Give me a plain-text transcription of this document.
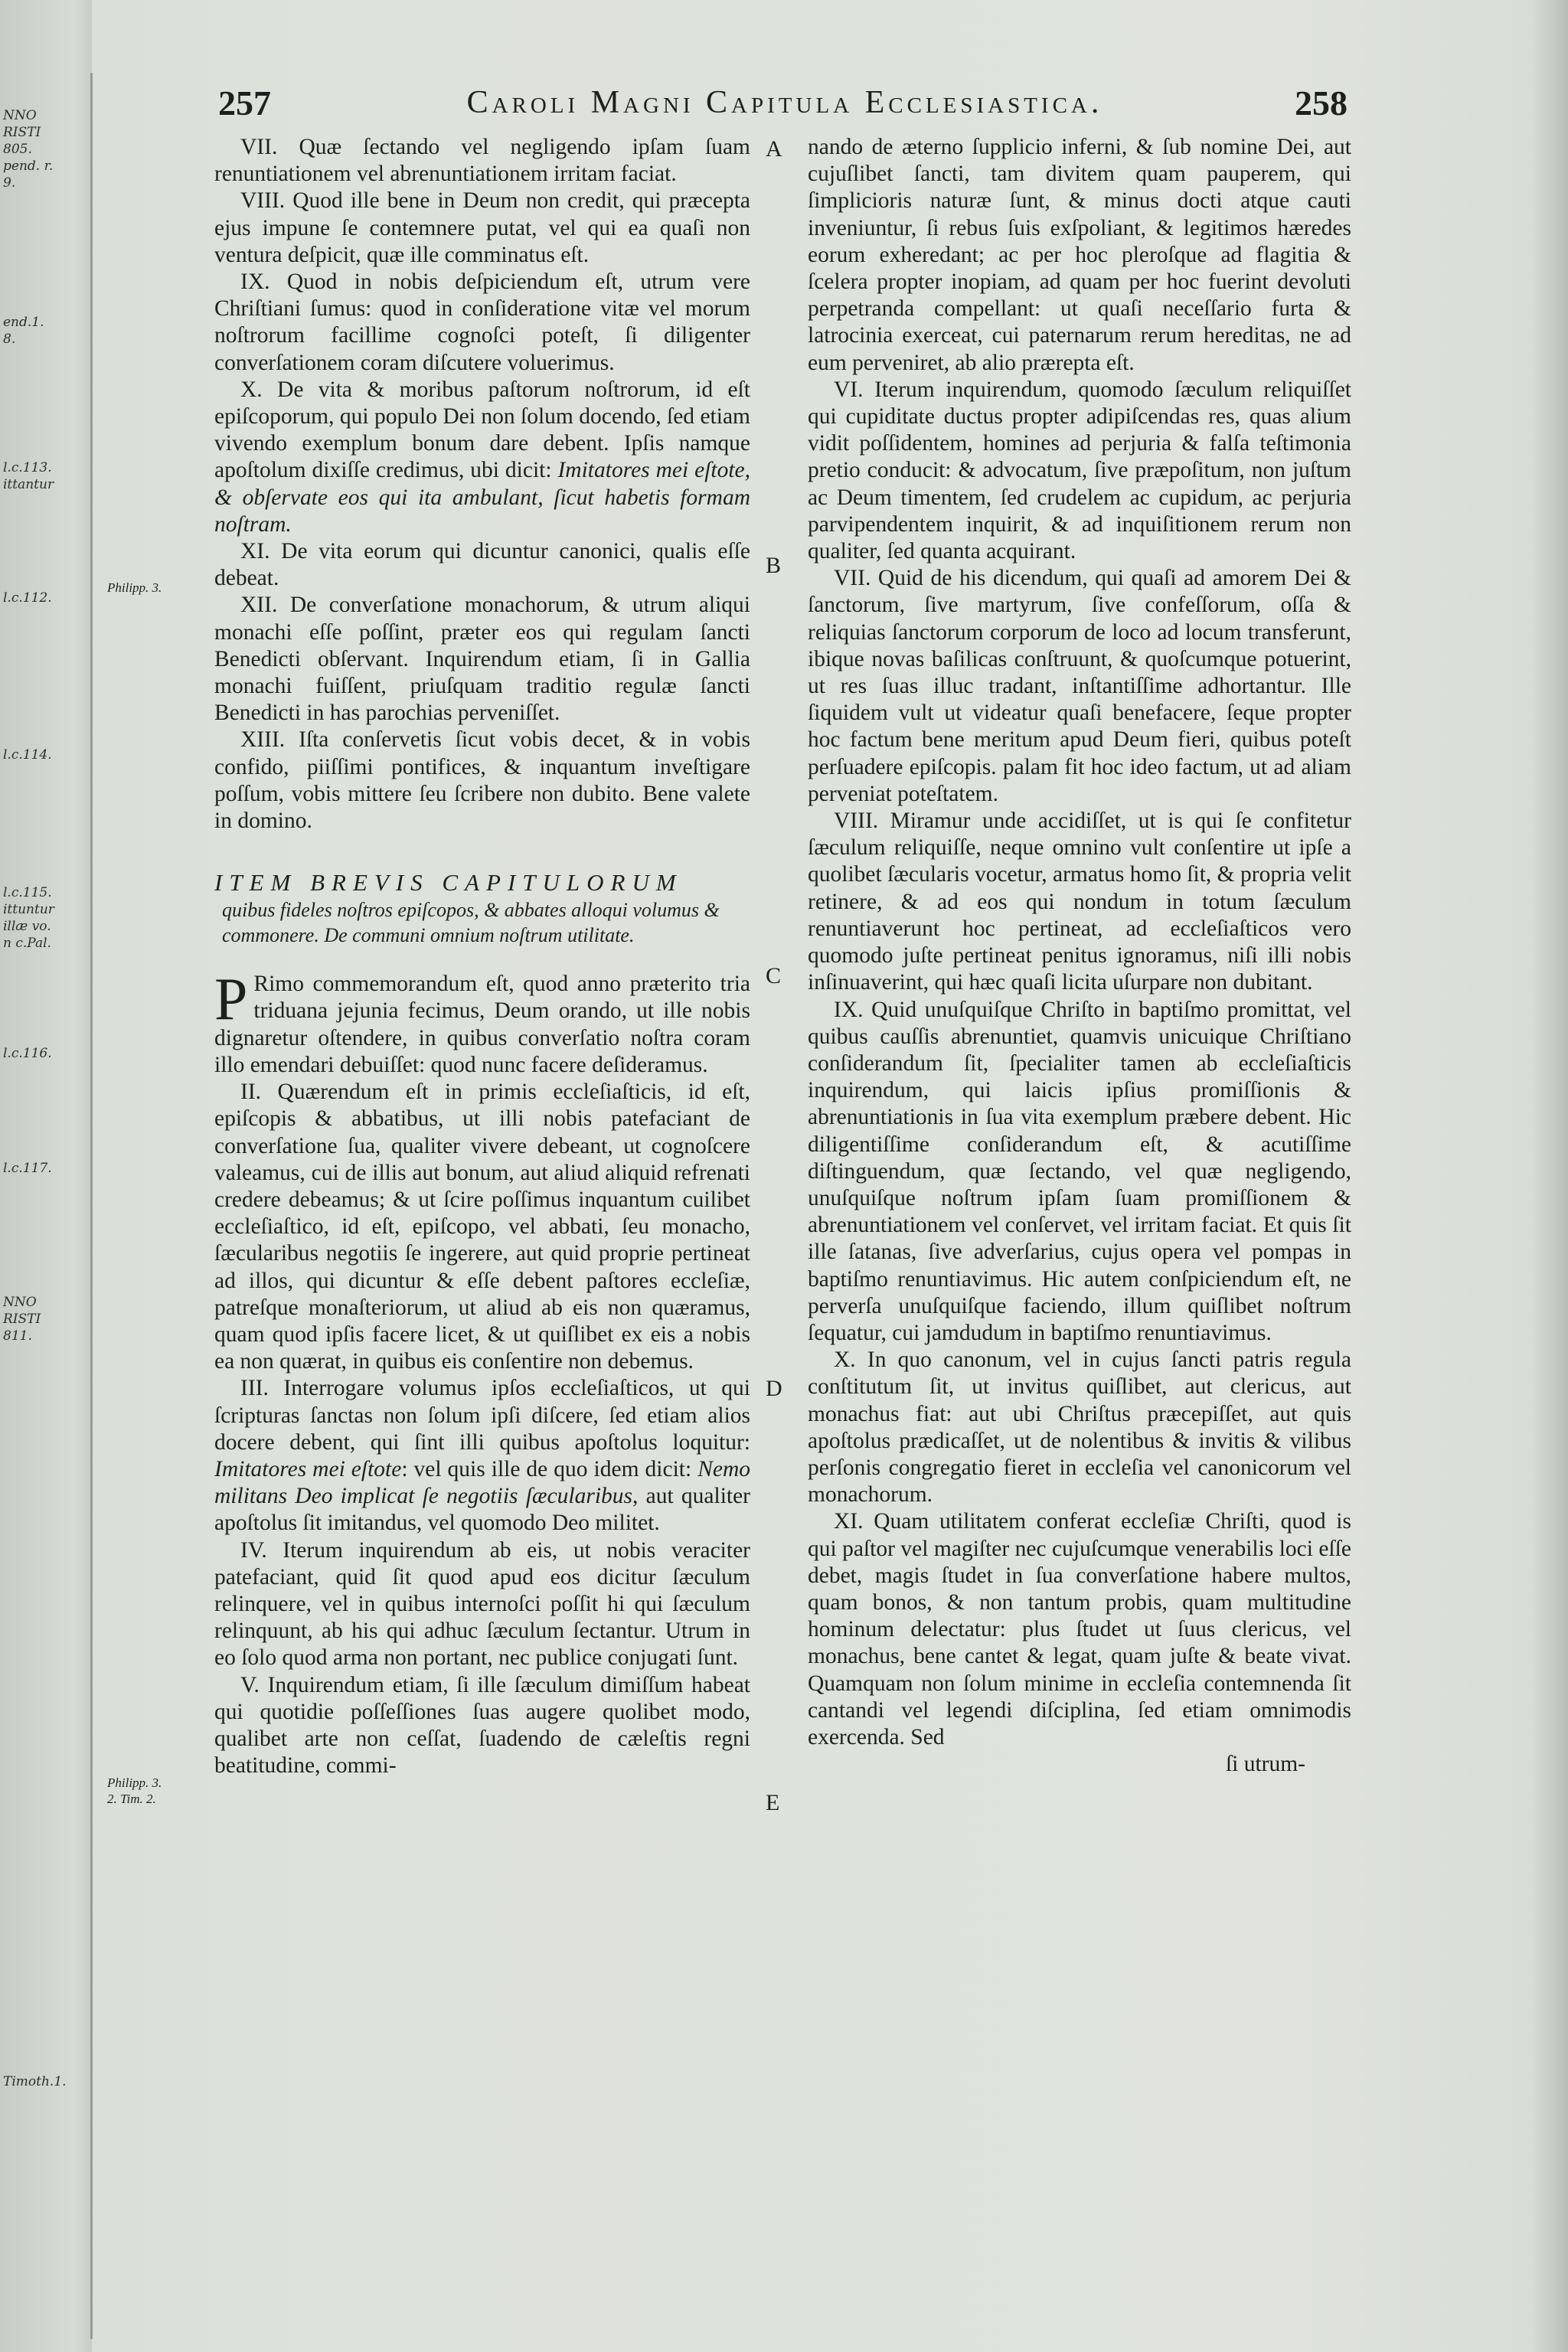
NNO
RISTI
805.
pend. r.
9.
end.1.
8.
l.c.113.
ittantur
l.c.112.
l.c.114.
l.c.115.
ittuntur
illæ vo.
n c.Pal.
l.c.116.
l.c.117.
NNO
RISTI
811.
Timoth.1.
257	Caroli Magni Capitula Ecclesiastica.	258
A
B
C
D
E
Philipp. 3.
Philipp. 3.
2. Tim. 2.

VII. Quæ ſectando vel negligendo ipſam ſuam renuntiationem vel abrenuntiationem irritam faciat.

VIII. Quod ille bene in Deum non credit, qui præcepta ejus impune ſe contemnere putat, vel qui ea quaſi non ventura deſpicit, quæ ille comminatus eſt.

IX. Quod in nobis deſpiciendum eſt, utrum vere Chriſtiani ſumus: quod in conſideratione vitæ vel morum noſtrorum facillime cognoſci poteſt, ſi diligenter converſationem coram diſcutere voluerimus.

X. De vita & moribus paſtorum noſtrorum, id eſt epiſcoporum, qui populo Dei non ſolum docendo, ſed etiam vivendo exemplum bonum dare debent. Ipſis namque apoſtolum dixiſſe credimus, ubi dicit: Imitatores mei eſtote, & obſervate eos qui ita ambulant, ſicut habetis formam noſtram.

XI. De vita eorum qui dicuntur canonici, qualis eſſe debeat.

XII. De converſatione monachorum, & utrum aliqui monachi eſſe poſſint, præter eos qui regulam ſancti Benedicti obſervant. Inquirendum etiam, ſi in Gallia monachi fuiſſent, priuſquam traditio regulæ ſancti Benedicti in has parochias perveniſſet.

XIII. Iſta conſervetis ſicut vobis decet, & in vobis confido, piiſſimi pontifices, & inquantum inveſtigare poſſum, vobis mittere ſeu ſcribere non dubito. Bene valete in domino.

ITEM BREVIS CAPITULORUM
quibus fideles noſtros epiſcopos, & abbates alloqui volumus & commonere. De communi omnium noſtrum utilitate.

P Rimo commemorandum eſt, quod anno præterito tria triduana jejunia fecimus, Deum orando, ut ille nobis dignaretur oſtendere, in quibus converſatio noſtra coram illo emendari debuiſſet: quod nunc facere deſideramus.

II. Quærendum eſt in primis eccleſiaſticis, id eſt, epiſcopis & abbatibus, ut illi nobis patefaciant de converſatione ſua, qualiter vivere debeant, ut cognoſcere valeamus, cui de illis aut bonum, aut aliud aliquid refrenati credere debeamus; & ut ſcire poſſimus inquantum cuilibet eccleſiaſtico, id eſt, epiſcopo, vel abbati, ſeu monacho, ſæcularibus negotiis ſe ingerere, aut quid proprie pertineat ad illos, qui dicuntur & eſſe debent paſtores eccleſiæ, patreſque monaſteriorum, ut aliud ab eis non quæramus, quam quod ipſis facere licet, & ut quiſlibet ex eis a nobis ea non quærat, in quibus eis conſentire non debemus.

III. Interrogare volumus ipſos eccleſiaſticos, ut qui ſcripturas ſanctas non ſolum ipſi diſcere, ſed etiam alios docere debent, qui ſint illi quibus apoſtolus loquitur: Imitatores mei eſtote: vel quis ille de quo idem dicit: Nemo militans Deo implicat ſe negotiis ſæcularibus, aut qualiter apoſtolus ſit imitandus, vel quomodo Deo militet.

IV. Iterum inquirendum ab eis, ut nobis veraciter patefaciant, quid ſit quod apud eos dicitur ſæculum relinquere, vel in quibus internoſci poſſit hi qui ſæculum relinquunt, ab his qui adhuc ſæculum ſectantur. Utrum in eo ſolo quod arma non portant, nec publice conjugati ſunt.

V. Inquirendum etiam, ſi ille ſæculum dimiſſum habeat qui quotidie poſſeſſiones ſuas augere quolibet modo, qualibet arte non ceſſat, ſuadendo de cæleſtis regni beatitudine, commi-

nando de æterno ſupplicio inferni, & ſub nomine Dei, aut cujuſlibet ſancti, tam divitem quam pauperem, qui ſimplicioris naturæ ſunt, & minus docti atque cauti inveniuntur, ſi rebus ſuis exſpoliant, & legitimos hæredes eorum exheredant; ac per hoc pleroſque ad flagitia & ſcelera propter inopiam, ad quam per hoc fuerint devoluti perpetranda compellant: ut quaſi neceſſario furta & latrocinia exerceat, cui paternarum rerum hereditas, ne ad eum perveniret, ab alio prærepta eſt.

VI. Iterum inquirendum, quomodo ſæculum reliquiſſet qui cupiditate ductus propter adipiſcendas res, quas alium vidit poſſidentem, homines ad perjuria & falſa teſtimonia pretio conducit: & advocatum, ſive præpoſitum, non juſtum ac Deum timentem, ſed crudelem ac cupidum, ac perjuria parvipendentem inquirit, & ad inquiſitionem rerum non qualiter, ſed quanta acquirant.

VII. Quid de his dicendum, qui quaſi ad amorem Dei & ſanctorum, ſive martyrum, ſive confeſſorum, oſſa & reliquias ſanctorum corporum de loco ad locum transferunt, ibique novas baſilicas conſtruunt, & quoſcumque potuerint, ut res ſuas illuc tradant, inſtantiſſime adhortantur. Ille ſiquidem vult ut videatur quaſi benefacere, ſeque propter hoc factum bene meritum apud Deum fieri, quibus poteſt perſuadere epiſcopis. palam fit hoc ideo factum, ut ad aliam perveniat poteſtatem.

VIII. Miramur unde accidiſſet, ut is qui ſe confitetur ſæculum reliquiſſe, neque omnino vult conſentire ut ipſe a quolibet ſæcularis vocetur, armatus homo ſit, & propria velit retinere, & ad eos qui nondum in totum ſæculum renuntiaverunt hoc pertineat, ad eccleſiaſticos vero quomodo juſte pertineat penitus ignoramus, niſi illi nobis inſinuaverint, qui hæc quaſi licita uſurpare non dubitant.

IX. Quid unuſquiſque Chriſto in baptiſmo promittat, vel quibus cauſſis abrenuntiet, quamvis unicuique Chriſtiano conſiderandum ſit, ſpecialiter tamen ab eccleſiaſticis inquirendum, qui laicis ipſius promiſſionis & abrenuntiationis in ſua vita exemplum præbere debent. Hic diligentiſſime conſiderandum eſt, & acutiſſime diſtinguendum, quæ ſectando, vel quæ negligendo, unuſquiſque noſtrum ipſam ſuam promiſſionem & abrenuntiationem vel conſervet, vel irritam faciat. Et quis ſit ille ſatanas, ſive adverſarius, cujus opera vel pompas in baptiſmo renuntiavimus. Hic autem conſpiciendum eſt, ne perverſa unuſquiſque faciendo, illum quiſlibet noſtrum ſequatur, cui jamdudum in baptiſmo renuntiavimus.

X. In quo canonum, vel in cujus ſancti patris regula conſtitutum ſit, ut invitus quiſlibet, aut clericus, aut monachus fiat: aut ubi Chriſtus præcepiſſet, aut quis apoſtolus prædicaſſet, ut de nolentibus & invitis & vilibus perſonis congregatio fieret in eccleſia vel canonicorum vel monachorum.

XI. Quam utilitatem conferat eccleſiæ Chriſti, quod is qui paſtor vel magiſter nec cujuſcumque venerabilis loci eſſe debet, magis ſtudet in ſua converſatione habere multos, quam bonos, & non tantum probis, quam multitudine hominum delectatur: plus ſtudet ut ſuus clericus, vel monachus, bene cantet & legat, quam juſte & beate vivat. Quamquam non ſolum minime in eccleſia contemnenda ſit cantandi vel legendi diſciplina, ſed etiam omnimodis exercenda. Sed

ſi utrum-
